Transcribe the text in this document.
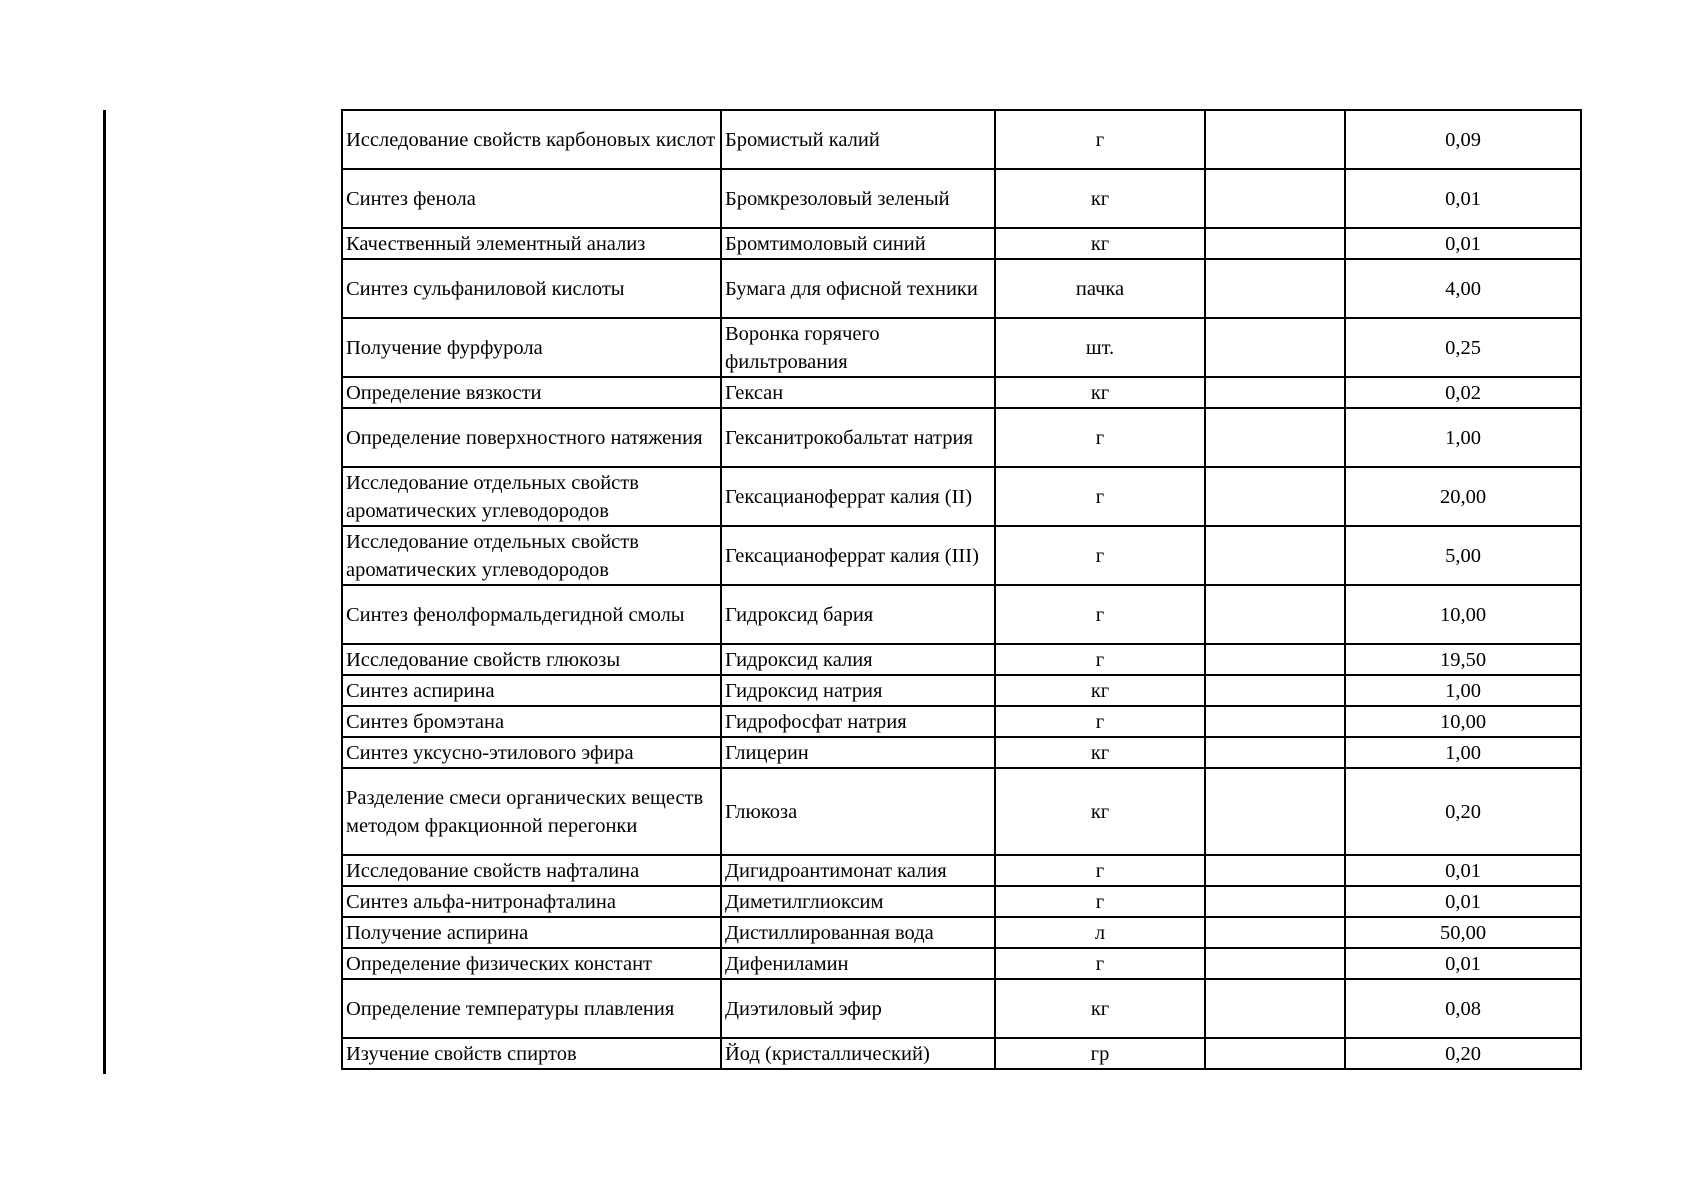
Исследование свойств карбоновых кислот	Бромистый калий	г		0,09
Синтез фенола	Бромкрезоловый зеленый	кг		0,01
Качественный элементный анализ	Бромтимоловый синий	кг		0,01
Синтез сульфаниловой кислоты	Бумага для офисной техники	пачка		4,00
Получение фурфурола	Воронка горячего фильтрования	шт.		0,25
Определение вязкости	Гексан	кг		0,02
Определение поверхностного натяжения	Гексанитрокобальтат натрия	г		1,00
Исследование отдельных свойств ароматических углеводородов	Гексацианоферрат калия (II)	г		20,00
Исследование отдельных свойств ароматических углеводородов	Гексацианоферрат калия (III)	г		5,00
Синтез фенолформальдегидной смолы	Гидроксид бария	г		10,00
Исследование свойств глюкозы	Гидроксид калия	г		19,50
Синтез аспирина	Гидроксид натрия	кг		1,00
Синтез бромэтана	Гидрофосфат натрия	г		10,00
Синтез уксусно-этилового эфира	Глицерин	кг		1,00
Разделение смеси органических веществ методом фракционной перегонки	Глюкоза	кг		0,20
Исследование свойств нафталина	Дигидроантимонат калия	г		0,01
Синтез альфа-нитронафталина	Диметилглиоксим	г		0,01
Получение аспирина	Дистиллированная вода	л		50,00
Определение физических констант	Дифениламин	г		0,01
Определение температуры плавления	Диэтиловый эфир	кг		0,08
Изучение свойств спиртов	Йод (кристаллический)	гр		0,20
